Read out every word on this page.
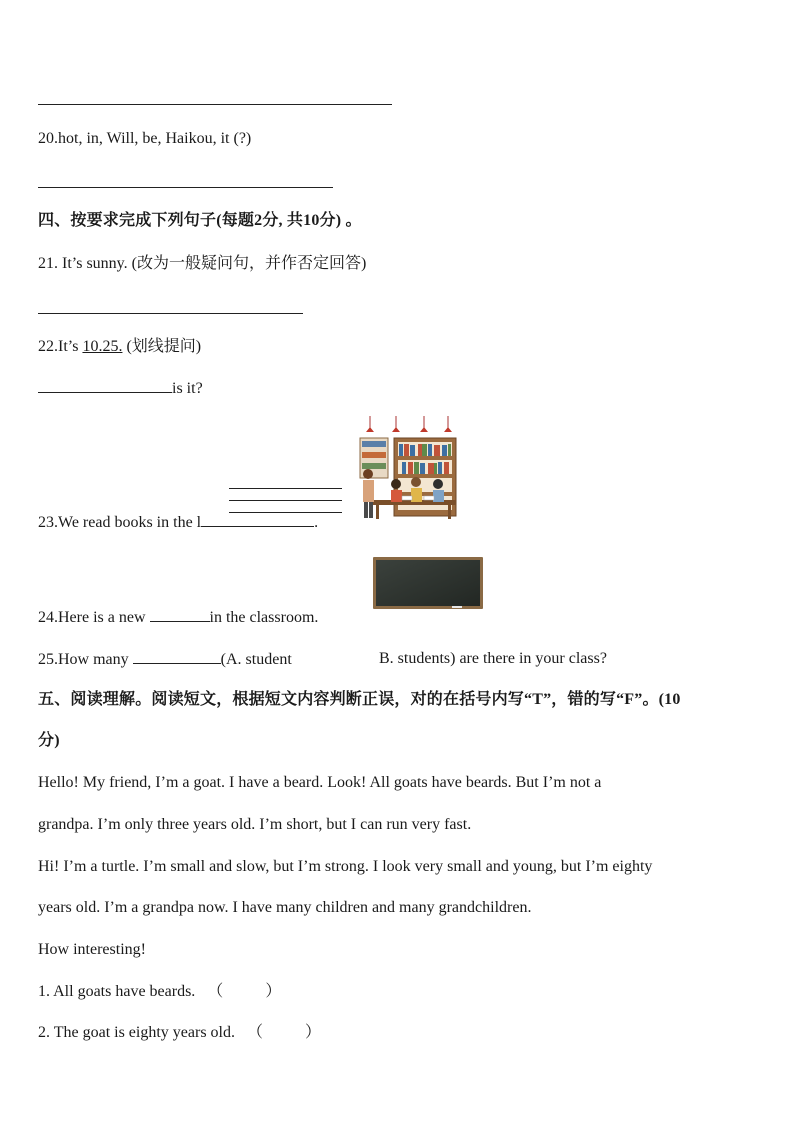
20.hot, in, Will, be, Haikou, it (?)
四、按要求完成下列句子(每题2分, 共10分) 。
21. It’s sunny. (改为一般疑问句，并作否定回答)
22.It’s 10.25. (划线提问)
is it?
23.We read books in the l	.
24.Here is a new	in the classroom.
25.How many	(A. student	B. students) are there in your class?
五、阅读理解。阅读短文，根据短文内容判断正误，对的在括号内写“T”，错的写“F”。(10
分)
Hello! My friend, I’m a goat. I have a beard. Look! All goats have beards. But I’m not a
grandpa. I’m only three years old. I’m short, but I can run very fast.
Hi! I’m a turtle. I’m small and slow, but I’m strong. I look very small and young, but I’m eighty
years old. I’m a grandpa now. I have many children and many grandchildren.
How interesting!
1. All goats have beards. （	）
2. The goat is eighty years old. （	）
